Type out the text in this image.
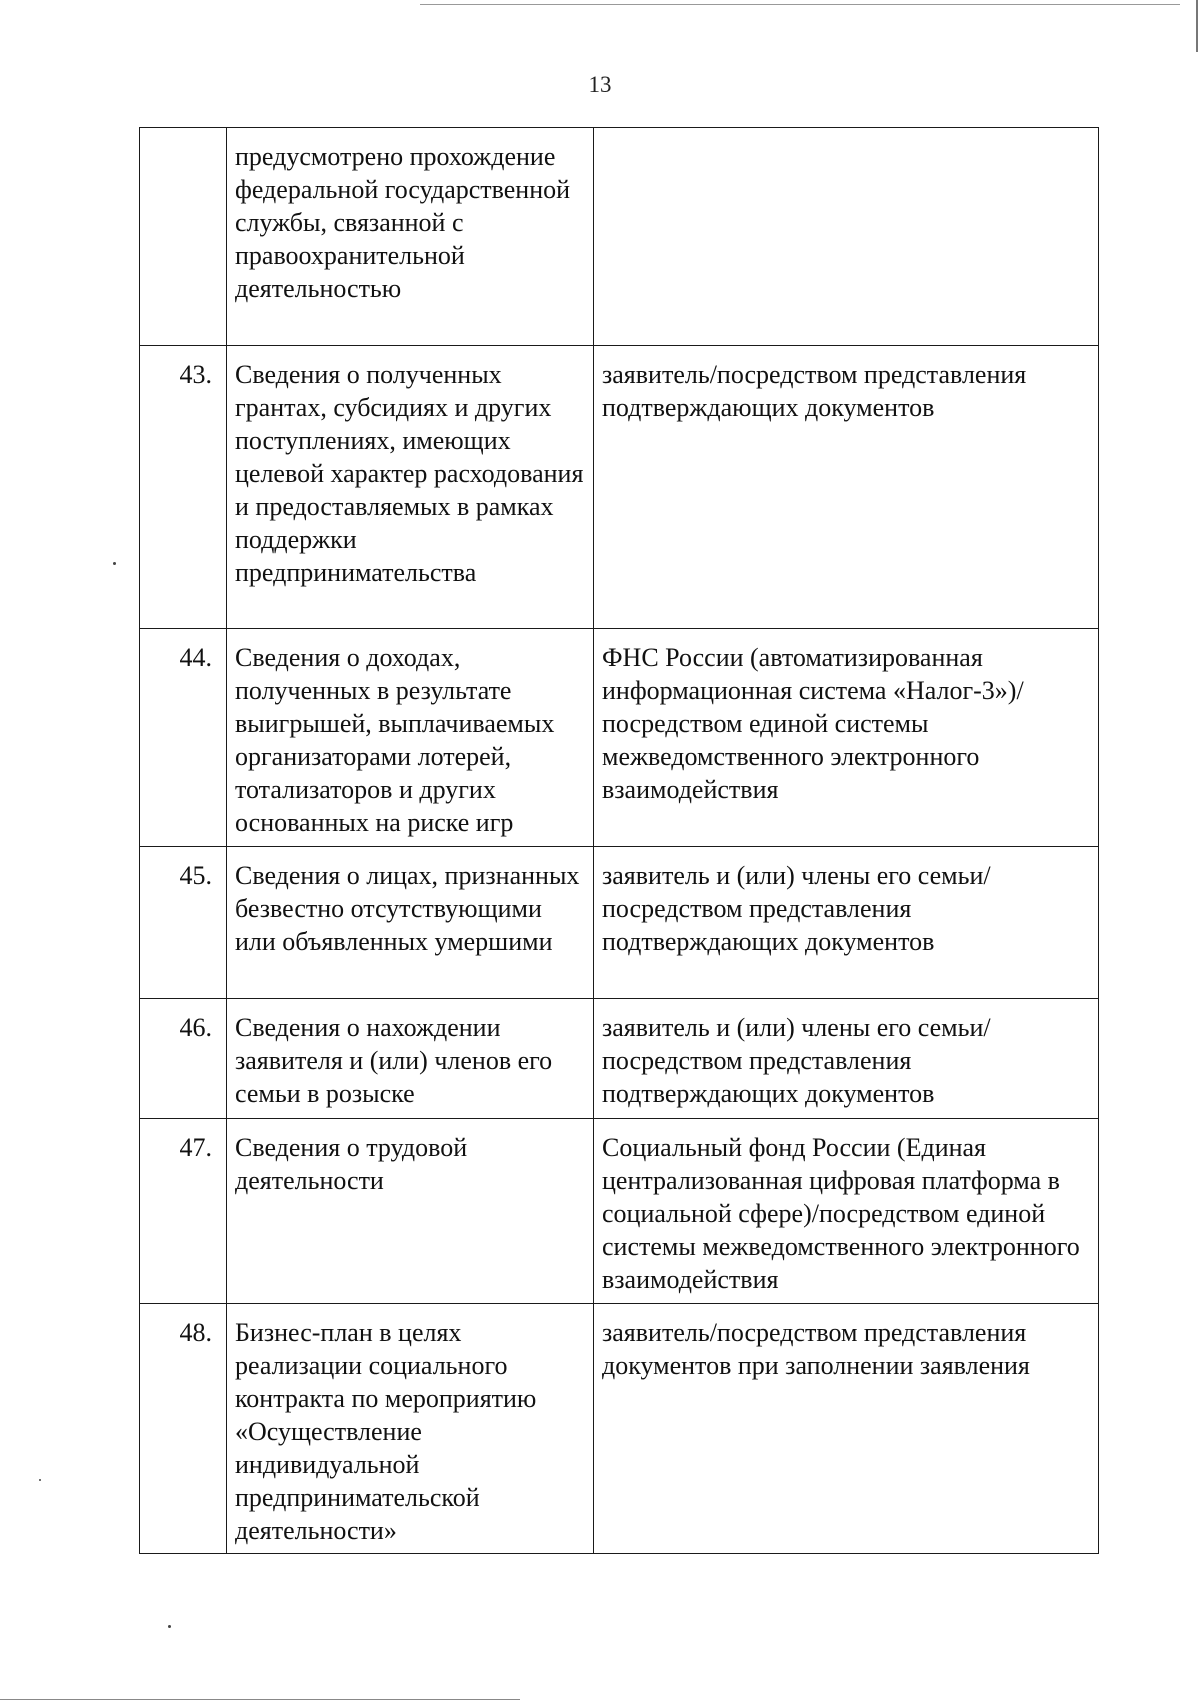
13
	предусмотрено прохождение федеральной государственной службы, связанной с правоохранительной деятельностью	
43.	Сведения о полученных грантах, субсидиях и других поступлениях, имеющих целевой характер расходования и предоставляемых в рамках поддержки предпринимательства	заявитель/посредством представления подтверждающих документов
44.	Сведения о доходах, полученных в результате выигрышей, выплачиваемых организаторами лотерей, тотализаторов и других основанных на риске игр	ФНС России (автоматизированная информационная система «Налог-3»)/посредством единой системы межведомственного электронного взаимодействия
45.	Сведения о лицах, признанных безвестно отсутствующими или объявленных умершими	заявитель и (или) члены его семьи/посредством представления подтверждающих документов
46.	Сведения о нахождении заявителя и (или) членов его семьи в розыске	заявитель и (или) члены его семьи/ посредством представления подтверждающих документов
47.	Сведения о трудовой деятельности	Социальный фонд России (Единая централизованная цифровая платформа в социальной сфере)/посредством единой системы межведомственного электронного взаимодействия
48.	Бизнес-план в целях реализации социального контракта по мероприятию «Осуществление индивидуальной предпринимательской деятельности»	заявитель/посредством представления документов при заполнении заявления
